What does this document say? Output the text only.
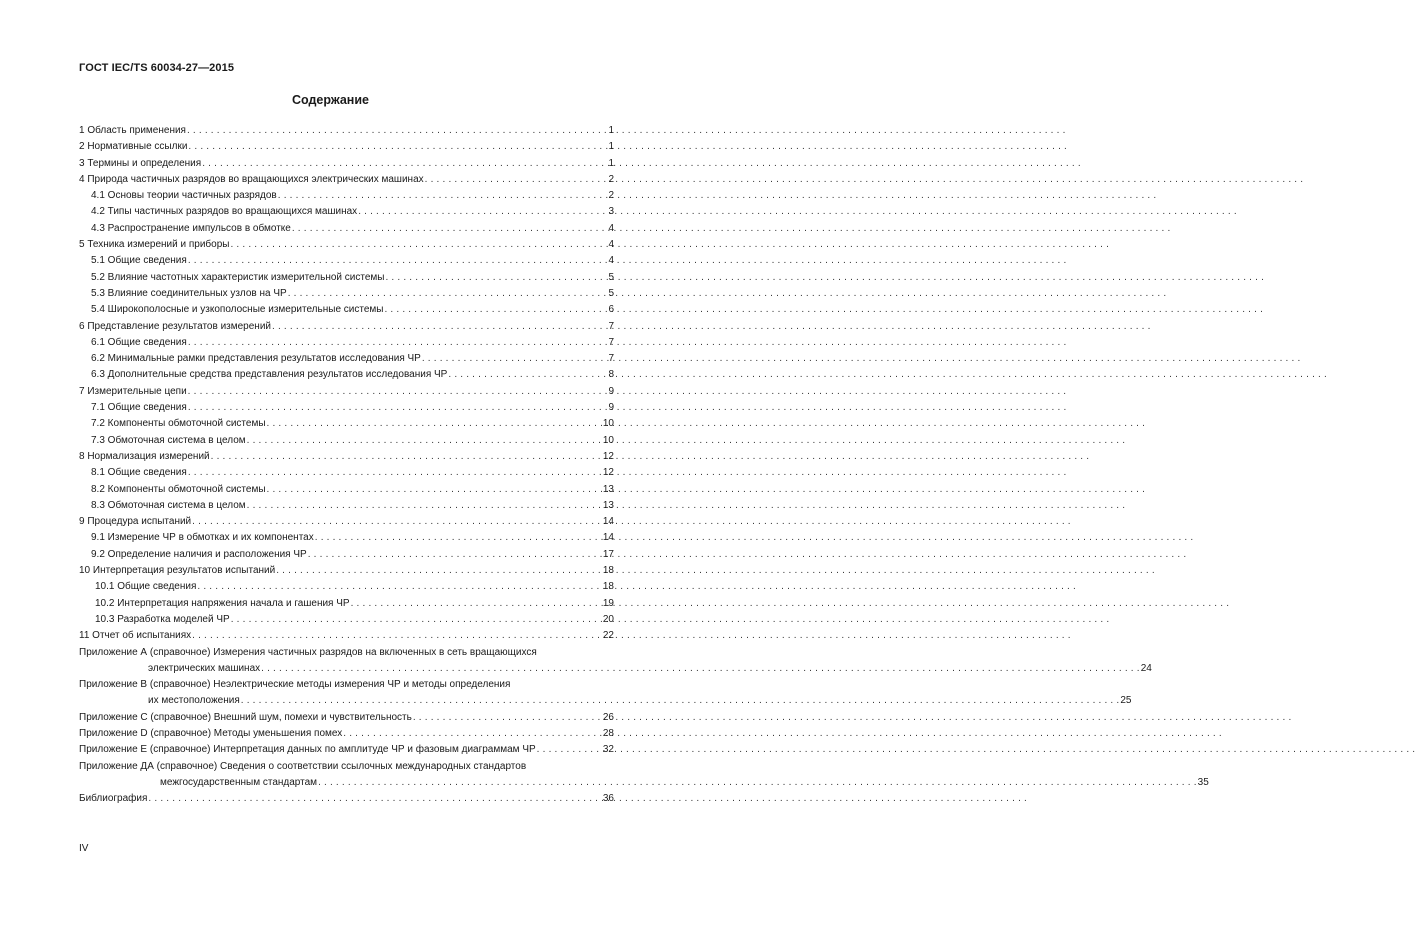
ГОСТ IEC/TS 60034-27—2015
Содержание
1 Область применения . . .	1
2 Нормативные ссылки . . .	1
3 Термины и определения . . .	1
4 Природа частичных разрядов во вращающихся электрических машинах . . .	2
4.1 Основы теории частичных разрядов . . .	2
4.2 Типы частичных разрядов во вращающихся машинах . . .	3
4.3 Распространение импульсов в обмотке . . .	4
5 Техника измерений и приборы . . .	4
5.1 Общие сведения . . .	4
5.2 Влияние частотных характеристик измерительной системы . . .	5
5.3 Влияние соединительных узлов на ЧР . . .	5
5.4 Широкополосные и узкополосные измерительные системы . . .	6
6 Представление результатов измерений . . .	7
6.1 Общие сведения . . .	7
6.2 Минимальные рамки представления результатов исследования ЧР . . .	7
6.3 Дополнительные средства представления результатов исследования ЧР . . .	8
7 Измерительные цепи . . .	9
7.1 Общие сведения . . .	9
7.2 Компоненты обмоточной системы . . .	10
7.3 Обмоточная система в целом . . .	10
8 Нормализация измерений . . .	12
8.1 Общие сведения . . .	12
8.2 Компоненты обмоточной системы . . .	13
8.3 Обмоточная система в целом . . .	13
9 Процедура испытаний . . .	14
9.1 Измерение ЧР в обмотках и их компонентах . . .	14
9.2 Определение наличия и расположения ЧР . . .	17
10 Интерпретация результатов испытаний . . .	18
10.1 Общие сведения . . .	18
10.2 Интерпретация напряжения начала и гашения ЧР . . .	19
10.3 Разработка моделей ЧР . . .	20
11 Отчет об испытаниях . . .	22
Приложение А (справочное) Измерения частичных разрядов на включенных в сеть вращающихся
электрических машинах . . .	24
Приложение В (справочное) Неэлектрические методы измерения ЧР и методы определения
их местоположения . . .	25
Приложение С (справочное) Внешний шум, помехи и чувствительность . . .	26
Приложение D (справочное) Методы уменьшения помех . . .	28
Приложение Е (справочное) Интерпретация данных по амплитуде ЧР и фазовым диаграммам ЧР . . .	32
Приложение ДА (справочное) Сведения о соответствии ссылочных международных стандартов
межгосударственным стандартам . . .	35
Библиография . . .	36
IV
